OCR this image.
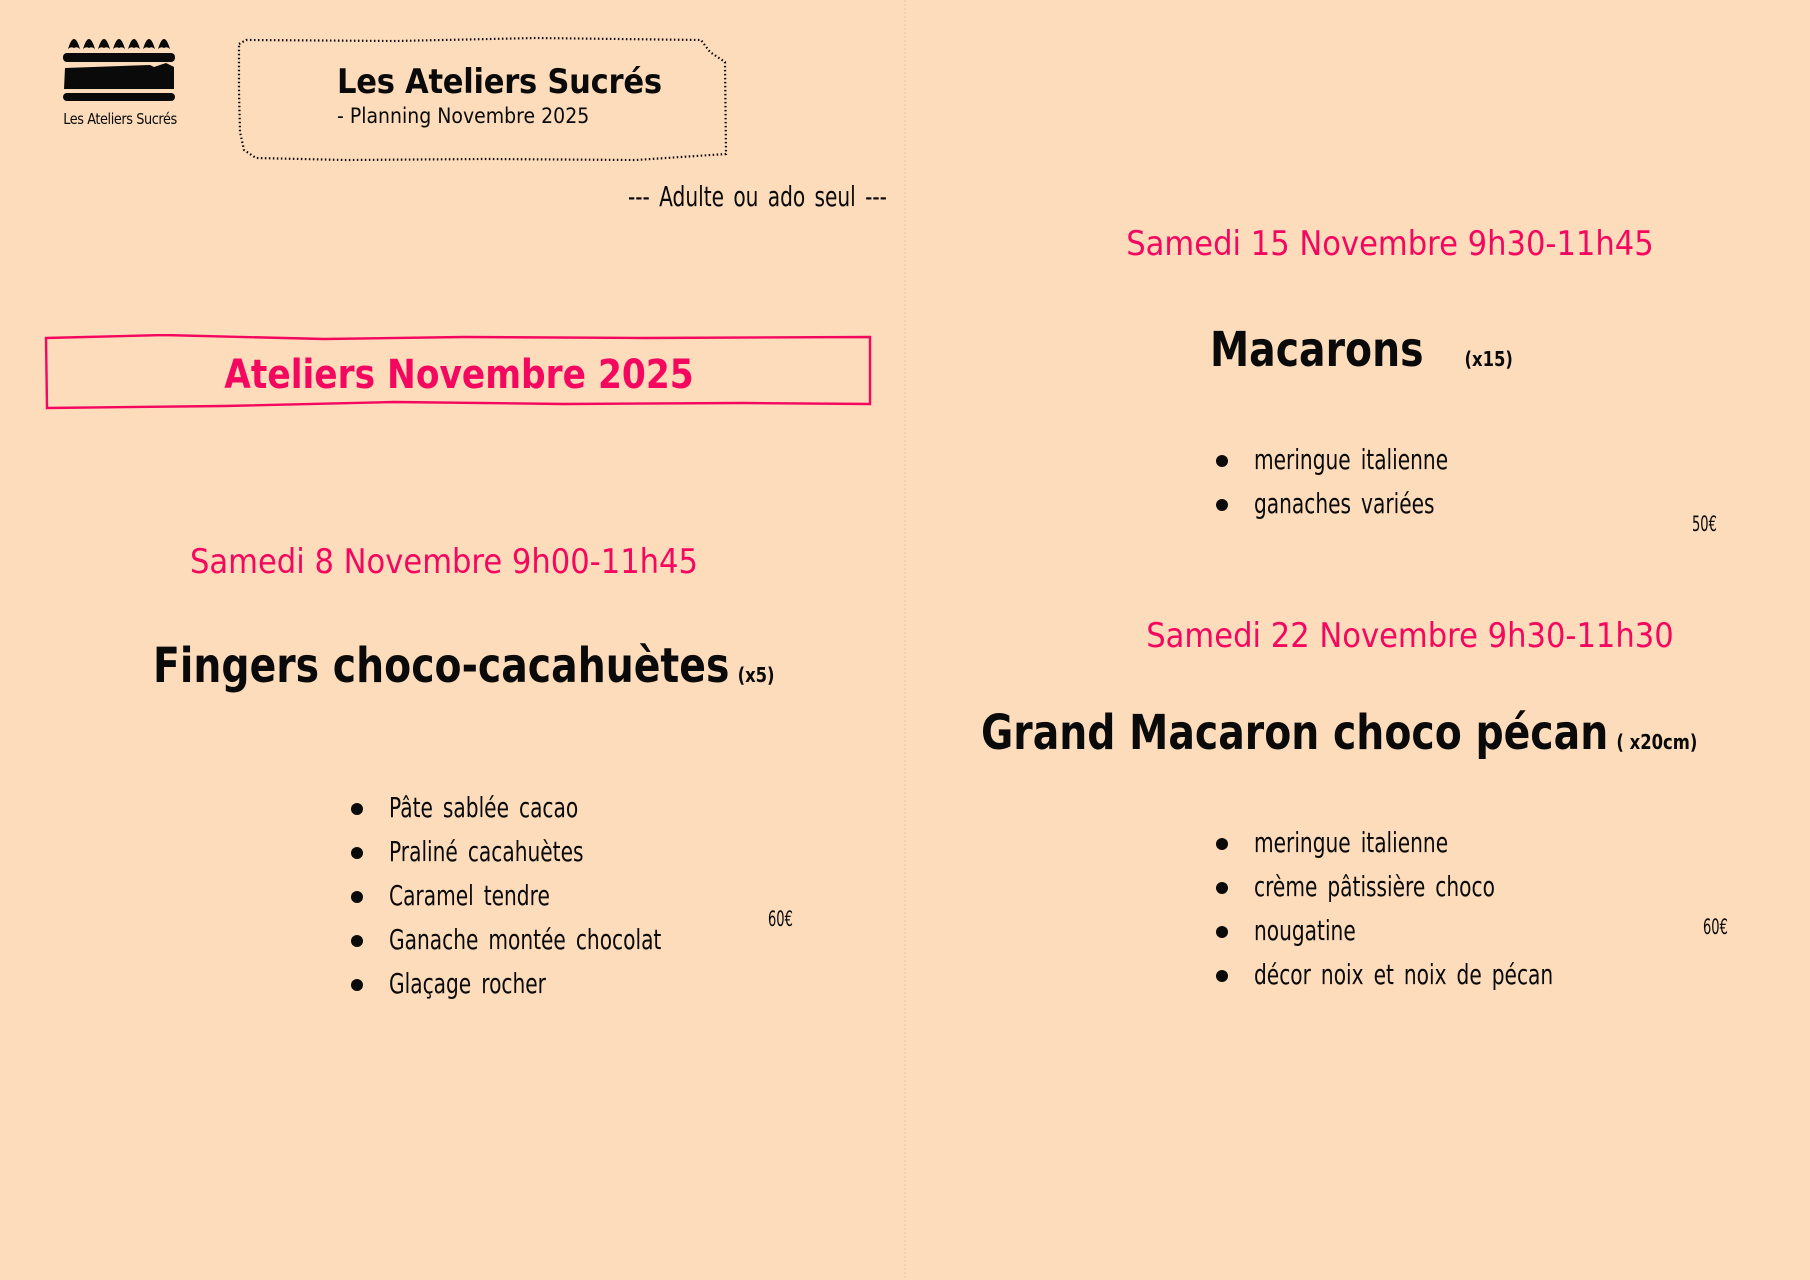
Les Ateliers Sucrés
Les Ateliers Sucrés
- Planning Novembre 2025
--- Adulte ou ado seul ---
Ateliers Novembre 2025
Samedi 8 Novembre 9h00-11h45
Fingers choco-cacahuètes (x5)
Pâte sablée cacao
Praliné cacahuètes
Caramel tendre
Ganache montée chocolat
Glaçage rocher
60€
Samedi 15 Novembre 9h30-11h45
Macarons (x15)
meringue italienne
ganaches variées
50€
Samedi 22 Novembre 9h30-11h30
Grand Macaron choco pécan ( x20cm)
meringue italienne
crème pâtissière choco
nougatine
décor noix et noix de pécan
60€
